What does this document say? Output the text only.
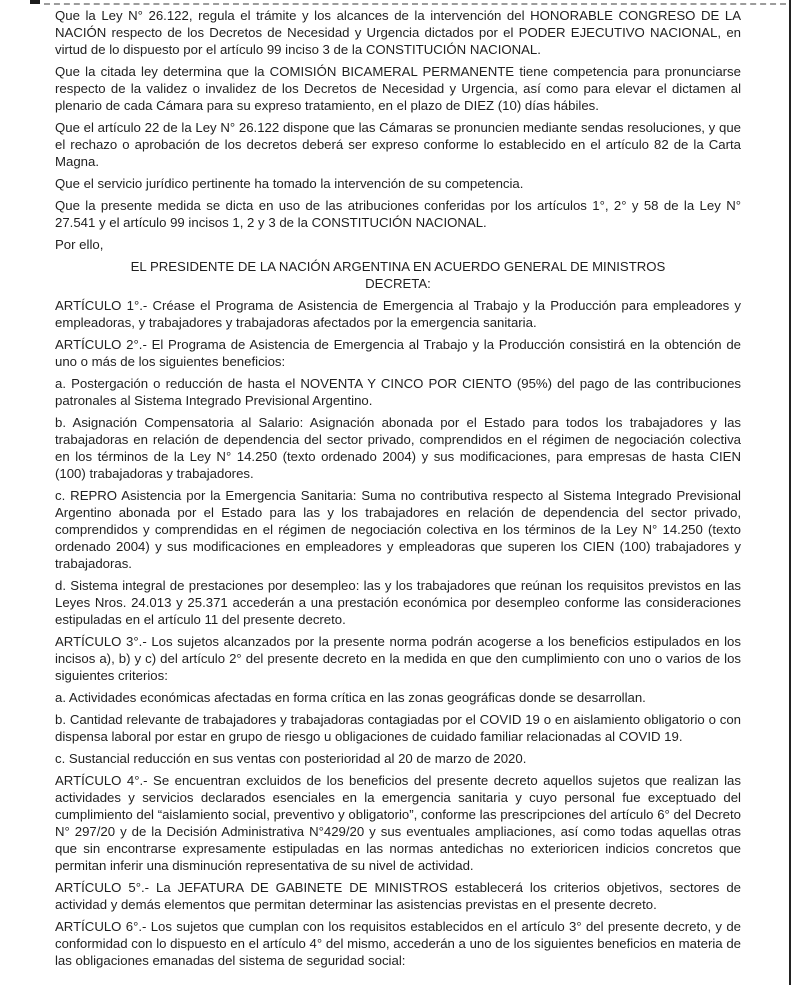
Que la Ley N° 26.122, regula el trámite y los alcances de la intervención del HONORABLE CONGRESO DE LA NACIÓN respecto de los Decretos de Necesidad y Urgencia dictados por el PODER EJECUTIVO NACIONAL, en virtud de lo dispuesto por el artículo 99 inciso 3 de la CONSTITUCIÓN NACIONAL.

Que la citada ley determina que la COMISIÓN BICAMERAL PERMANENTE tiene competencia para pronunciarse respecto de la validez o invalidez de los Decretos de Necesidad y Urgencia, así como para elevar el dictamen al plenario de cada Cámara para su expreso tratamiento, en el plazo de DIEZ (10) días hábiles.

Que el artículo 22 de la Ley N° 26.122 dispone que las Cámaras se pronuncien mediante sendas resoluciones, y que el rechazo o aprobación de los decretos deberá ser expreso conforme lo establecido en el artículo 82 de la Carta Magna.

Que el servicio jurídico pertinente ha tomado la intervención de su competencia.

Que la presente medida se dicta en uso de las atribuciones conferidas por los artículos 1°, 2° y 58 de la Ley N° 27.541 y el artículo 99 incisos 1, 2 y 3 de la CONSTITUCIÓN NACIONAL.

Por ello,

EL PRESIDENTE DE LA NACIÓN ARGENTINA EN ACUERDO GENERAL DE MINISTROS

DECRETA:

ARTÍCULO 1°.- Créase el Programa de Asistencia de Emergencia al Trabajo y la Producción para empleadores y empleadoras, y trabajadores y trabajadoras afectados por la emergencia sanitaria.

ARTÍCULO 2°.- El Programa de Asistencia de Emergencia al Trabajo y la Producción consistirá en la obtención de uno o más de los siguientes beneficios:

a. Postergación o reducción de hasta el NOVENTA Y CINCO POR CIENTO (95%) del pago de las contribuciones patronales al Sistema Integrado Previsional Argentino.

b. Asignación Compensatoria al Salario: Asignación abonada por el Estado para todos los trabajadores y las trabajadoras en relación de dependencia del sector privado, comprendidos en el régimen de negociación colectiva en los términos de la Ley N° 14.250 (texto ordenado 2004) y sus modificaciones, para empresas de hasta CIEN (100) trabajadoras y trabajadores.

c. REPRO Asistencia por la Emergencia Sanitaria: Suma no contributiva respecto al Sistema Integrado Previsional Argentino abonada por el Estado para las y los trabajadores en relación de dependencia del sector privado, comprendidos y comprendidas en el régimen de negociación colectiva en los términos de la Ley N° 14.250 (texto ordenado 2004) y sus modificaciones en empleadores y empleadoras que superen los CIEN (100) trabajadores y trabajadoras.

d. Sistema integral de prestaciones por desempleo: las y los trabajadores que reúnan los requisitos previstos en las Leyes Nros. 24.013 y 25.371 accederán a una prestación económica por desempleo conforme las consideraciones estipuladas en el artículo 11 del presente decreto.

ARTÍCULO 3°.- Los sujetos alcanzados por la presente norma podrán acogerse a los beneficios estipulados en los incisos a), b) y c) del artículo 2° del presente decreto en la medida en que den cumplimiento con uno o varios de los siguientes criterios:

a. Actividades económicas afectadas en forma crítica en las zonas geográficas donde se desarrollan.

b. Cantidad relevante de trabajadores y trabajadoras contagiadas por el COVID 19 o en aislamiento obligatorio o con dispensa laboral por estar en grupo de riesgo u obligaciones de cuidado familiar relacionadas al COVID 19.

c. Sustancial reducción en sus ventas con posterioridad al 20 de marzo de 2020.

ARTÍCULO 4°.- Se encuentran excluidos de los beneficios del presente decreto aquellos sujetos que realizan las actividades y servicios declarados esenciales en la emergencia sanitaria y cuyo personal fue exceptuado del cumplimiento del “aislamiento social, preventivo y obligatorio”, conforme las prescripciones del artículo 6° del Decreto N° 297/20 y de la Decisión Administrativa N°429/20 y sus eventuales ampliaciones, así como todas aquellas otras que sin encontrarse expresamente estipuladas en las normas antedichas no exterioricen indicios concretos que permitan inferir una disminución representativa de su nivel de actividad.

ARTÍCULO 5°.- La JEFATURA DE GABINETE DE MINISTROS establecerá los criterios objetivos, sectores de actividad y demás elementos que permitan determinar las asistencias previstas en el presente decreto.

ARTÍCULO 6°.- Los sujetos que cumplan con los requisitos establecidos en el artículo 3° del presente decreto, y de conformidad con lo dispuesto en el artículo 4° del mismo, accederán a uno de los siguientes beneficios en materia de las obligaciones emanadas del sistema de seguridad social:
